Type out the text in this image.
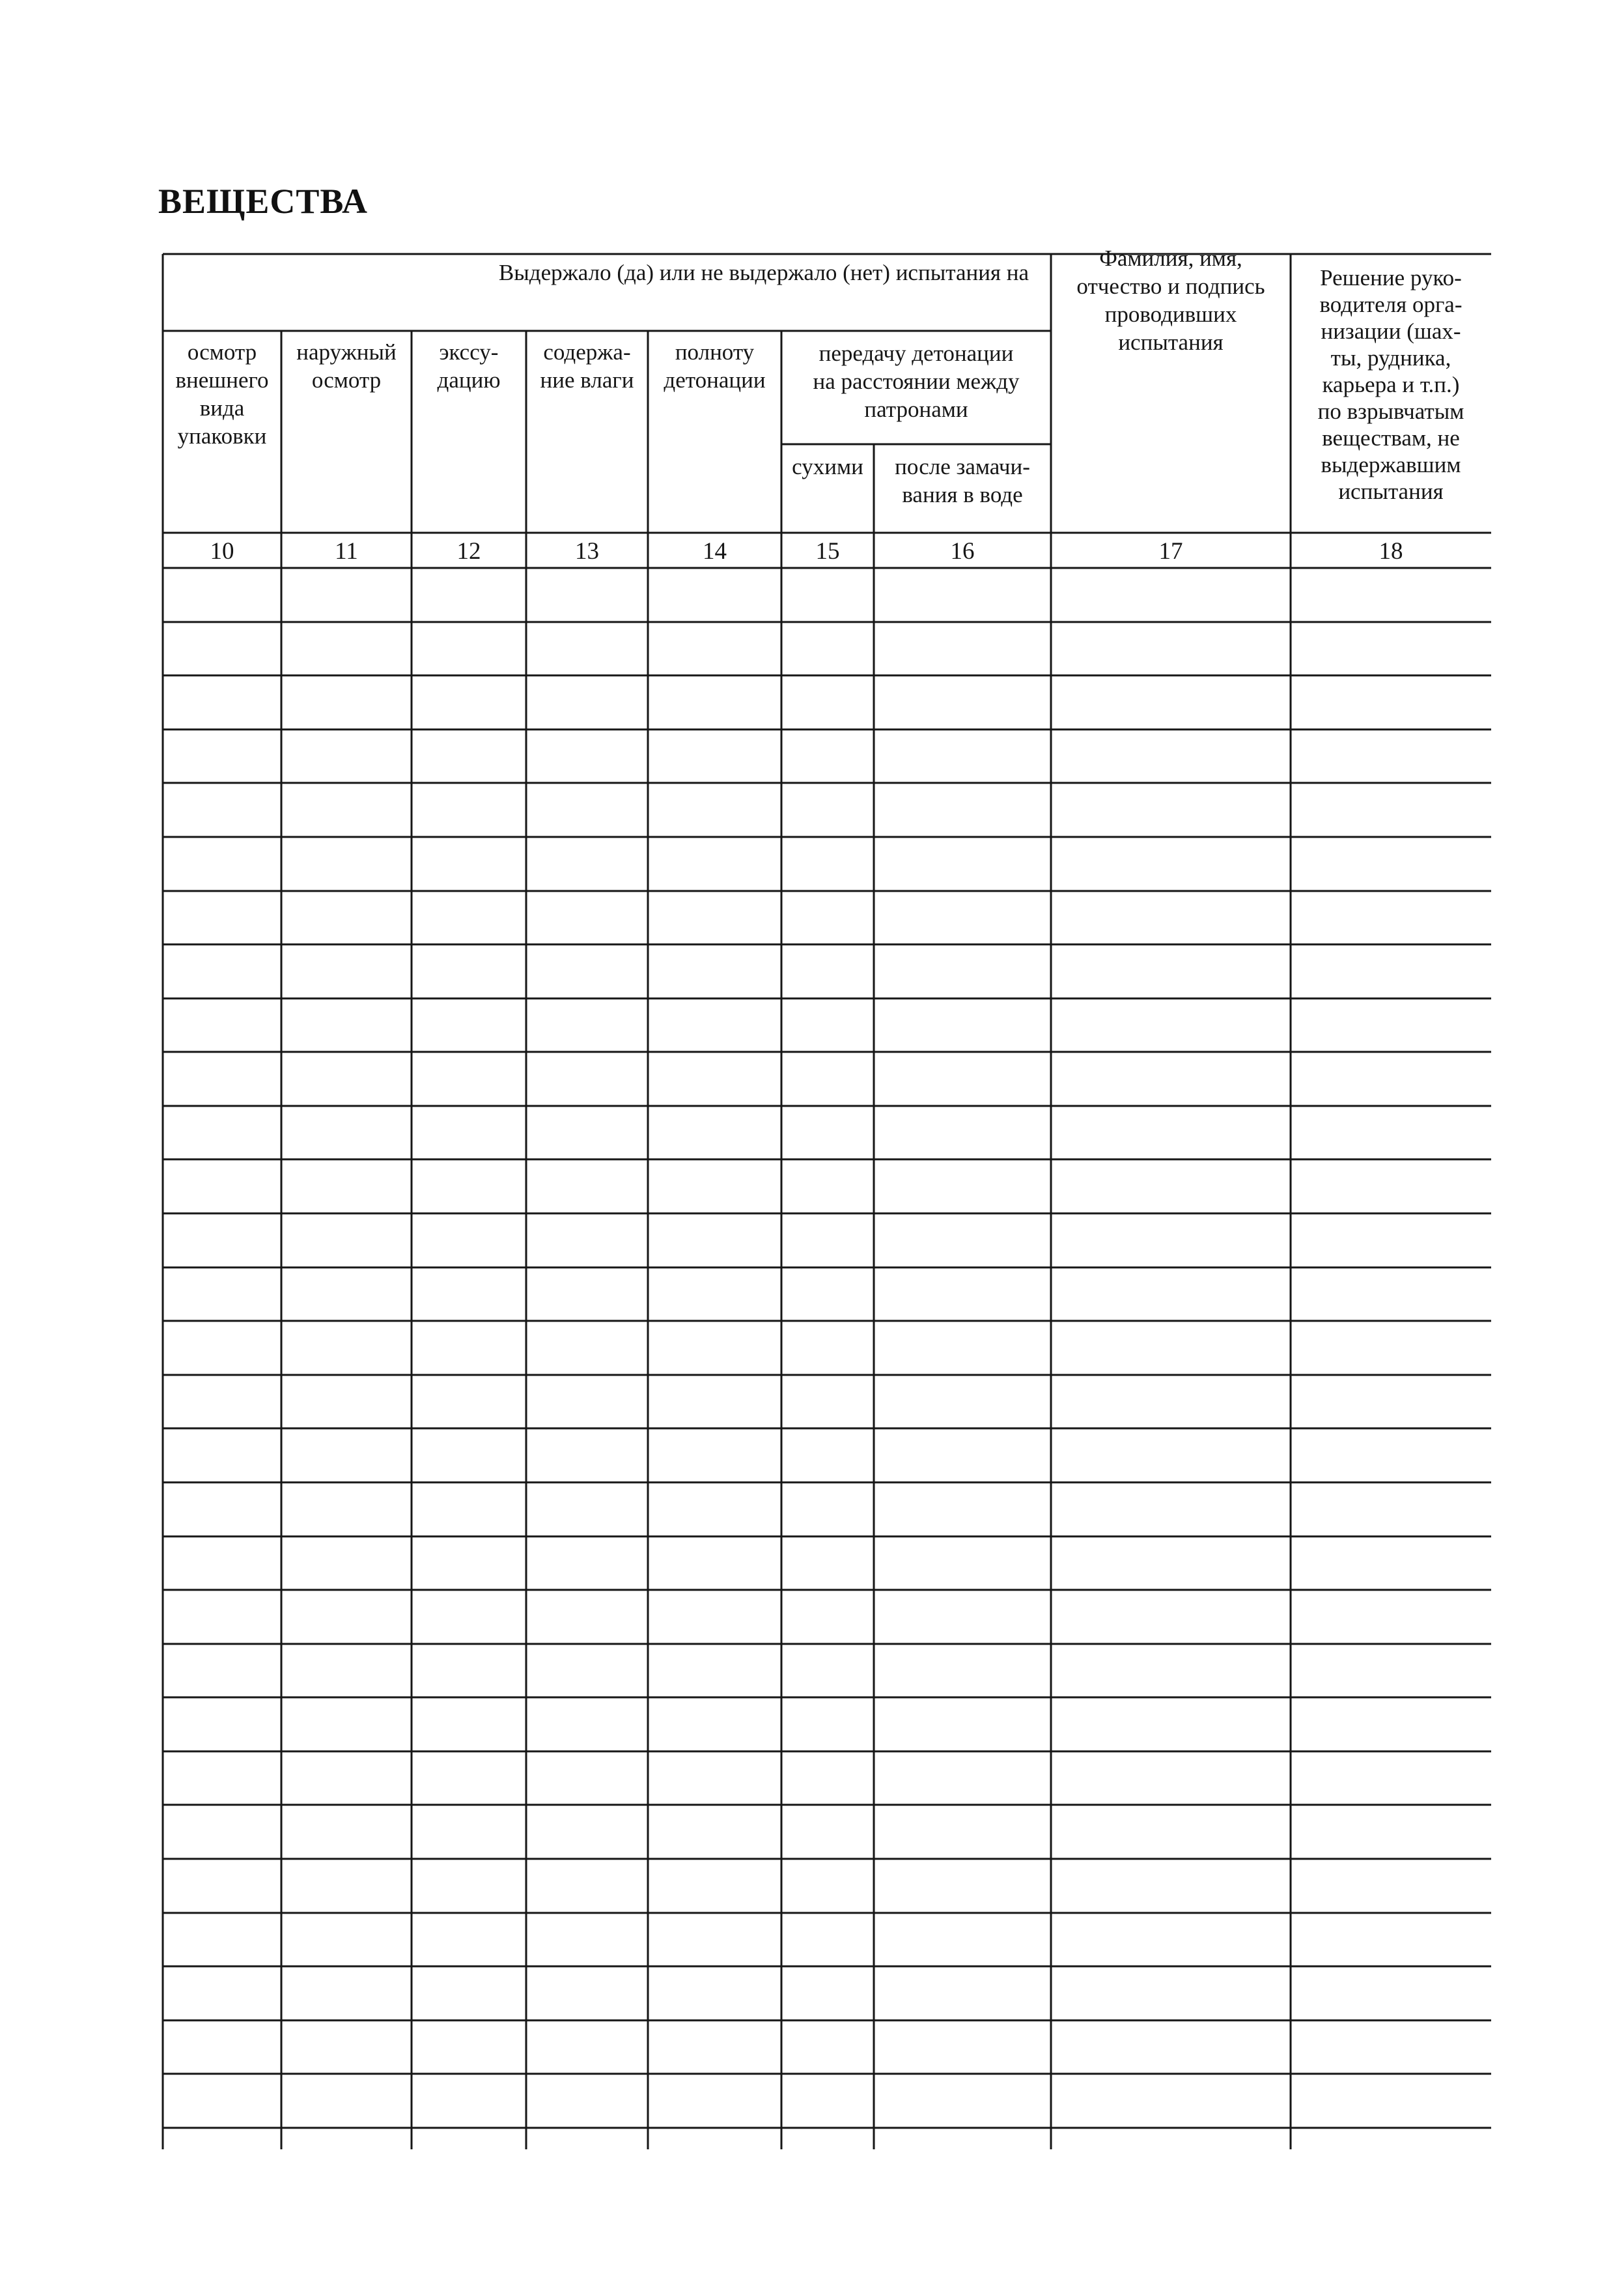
ВЕЩЕСТВА
Выдержало (да) или не выдержало (нет) испытания на
осмотр
внешнего
вида
упаковки
10
наружный
осмотр
11
экссу-
дацию
12
содержа-
ние влаги
13
полноту
детонации
14
сухими
15
после замачи-
вания в воде
16
Фамилия, имя,
отчество и подпись
проводивших
испытания
17
Решение руко-
водителя орга-
низации (шах-
ты, рудника,
карьера и т.п.)
по взрывчатым
веществам, не
выдержавшим
испытания
18
передачу детонации
на расстоянии между
патронами
